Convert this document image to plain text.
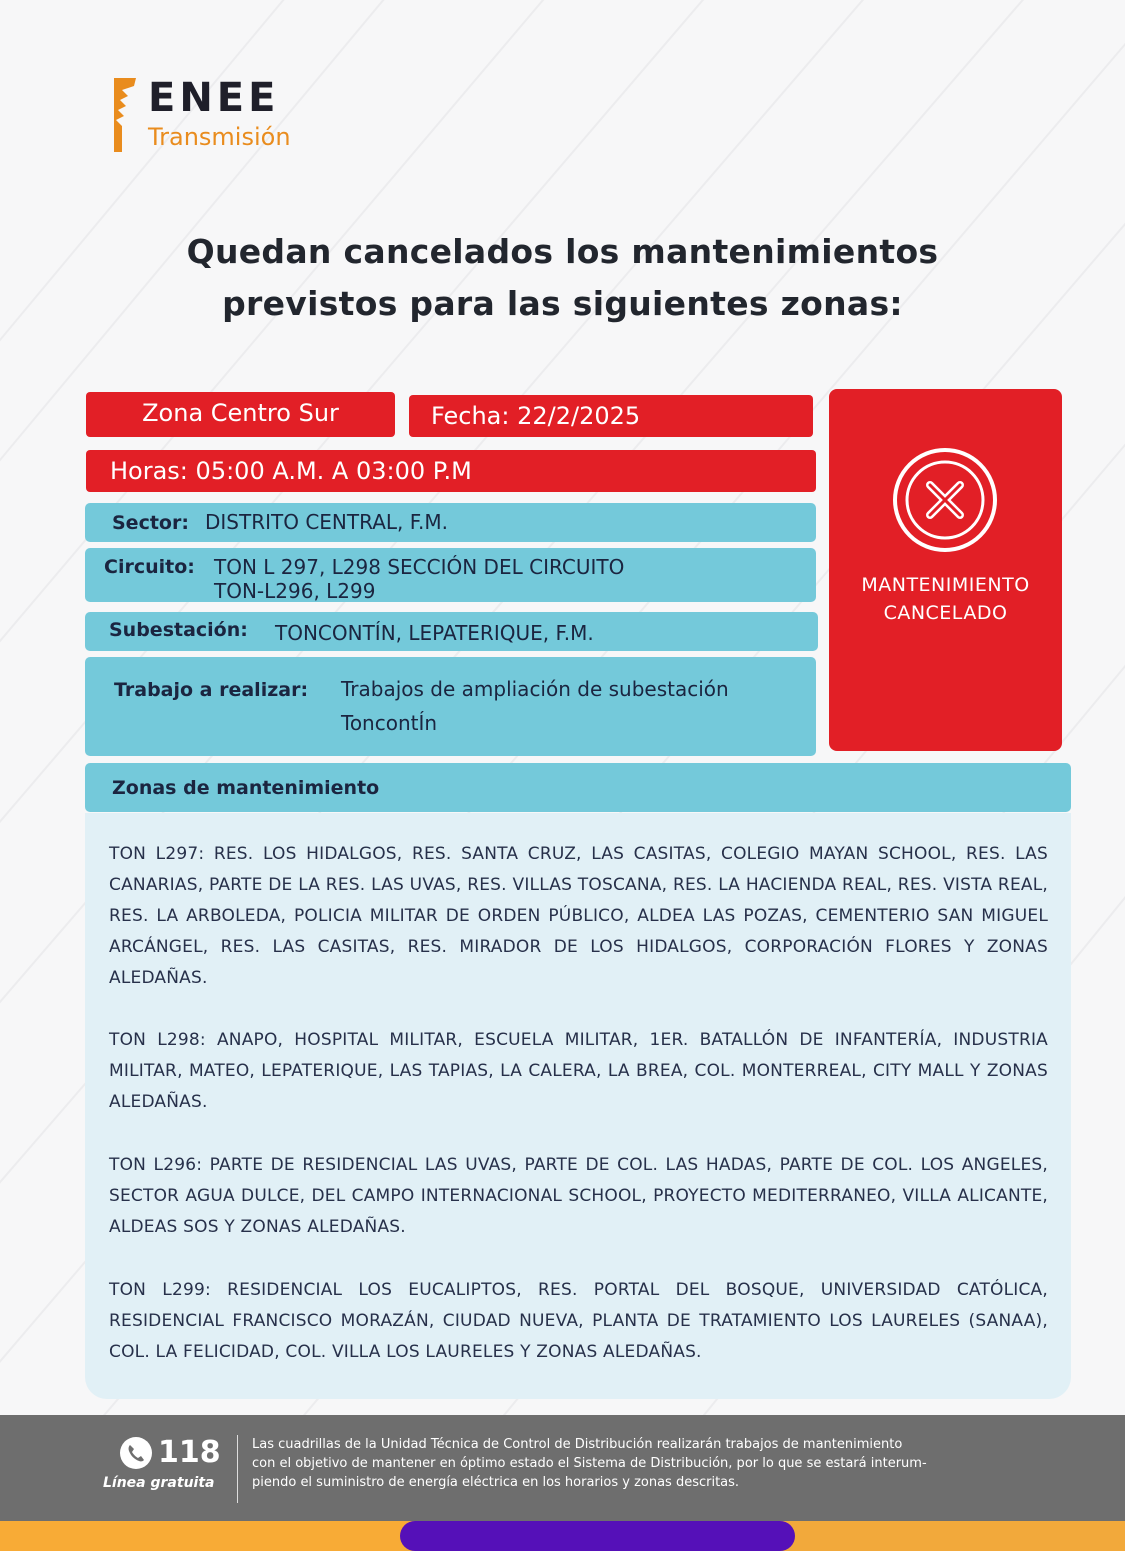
ENEE
Transmisión
Quedan cancelados los mantenimientos
previstos para las siguientes zonas:
Zona Centro Sur	Fecha: 22/2/2025
Horas: 05:00 A.M. A 03:00 P.M
Sector: DISTRITO CENTRAL, F.M.
Circuito: TON L 297, L298 SECCIÓN DEL CIRCUITO
TON-L296, L299
Subestación: TONCONTÍN, LEPATERIQUE, F.M.
Trabajo a realizar: Trabajos de ampliación de subestación
ToncontÍn
MANTENIMIENTO
CANCELADO
Zonas de mantenimiento

TON L297: RES. LOS HIDALGOS, RES. SANTA CRUZ, LAS CASITAS, COLEGIO MAYAN SCHOOL, RES. LAS CANARIAS, PARTE DE LA RES. LAS UVAS, RES. VILLAS TOSCANA, RES. LA HACIENDA REAL, RES. VISTA REAL, RES. LA ARBOLEDA, POLICIA MILITAR DE ORDEN PÚBLICO, ALDEA LAS POZAS, CEMENTERIO SAN MIGUEL ARCÁNGEL, RES. LAS CASITAS, RES. MIRADOR DE LOS HIDALGOS, CORPORACIÓN FLORES Y ZONAS ALEDAÑAS.

TON L298: ANAPO, HOSPITAL MILITAR, ESCUELA MILITAR, 1ER. BATALLÓN DE INFANTERÍA, INDUSTRIA MILITAR, MATEO, LEPATERIQUE, LAS TAPIAS, LA CALERA, LA BREA, COL. MONTERREAL, CITY MALL Y ZONAS ALEDAÑAS.

TON L296: PARTE DE RESIDENCIAL LAS UVAS, PARTE DE COL. LAS HADAS, PARTE DE COL. LOS ANGELES, SECTOR AGUA DULCE, DEL CAMPO INTERNACIONAL SCHOOL, PROYECTO MEDITERRANEO, VILLA ALICANTE, ALDEAS SOS Y ZONAS ALEDAÑAS.

TON L299: RESIDENCIAL LOS EUCALIPTOS, RES. PORTAL DEL BOSQUE, UNIVERSIDAD CATÓLICA, RESIDENCIAL FRANCISCO MORAZÁN, CIUDAD NUEVA, PLANTA DE TRATAMIENTO LOS LAURELES (SANAA), COL. LA FELICIDAD, COL. VILLA LOS LAURELES Y ZONAS ALEDAÑAS.

118
Línea gratuita
Las cuadrillas de la Unidad Técnica de Control de Distribución realizarán trabajos de mantenimiento
con el objetivo de mantener en óptimo estado el Sistema de Distribución, por lo que se estará interum-
piendo el suministro de energía eléctrica en los horarios y zonas descritas.
